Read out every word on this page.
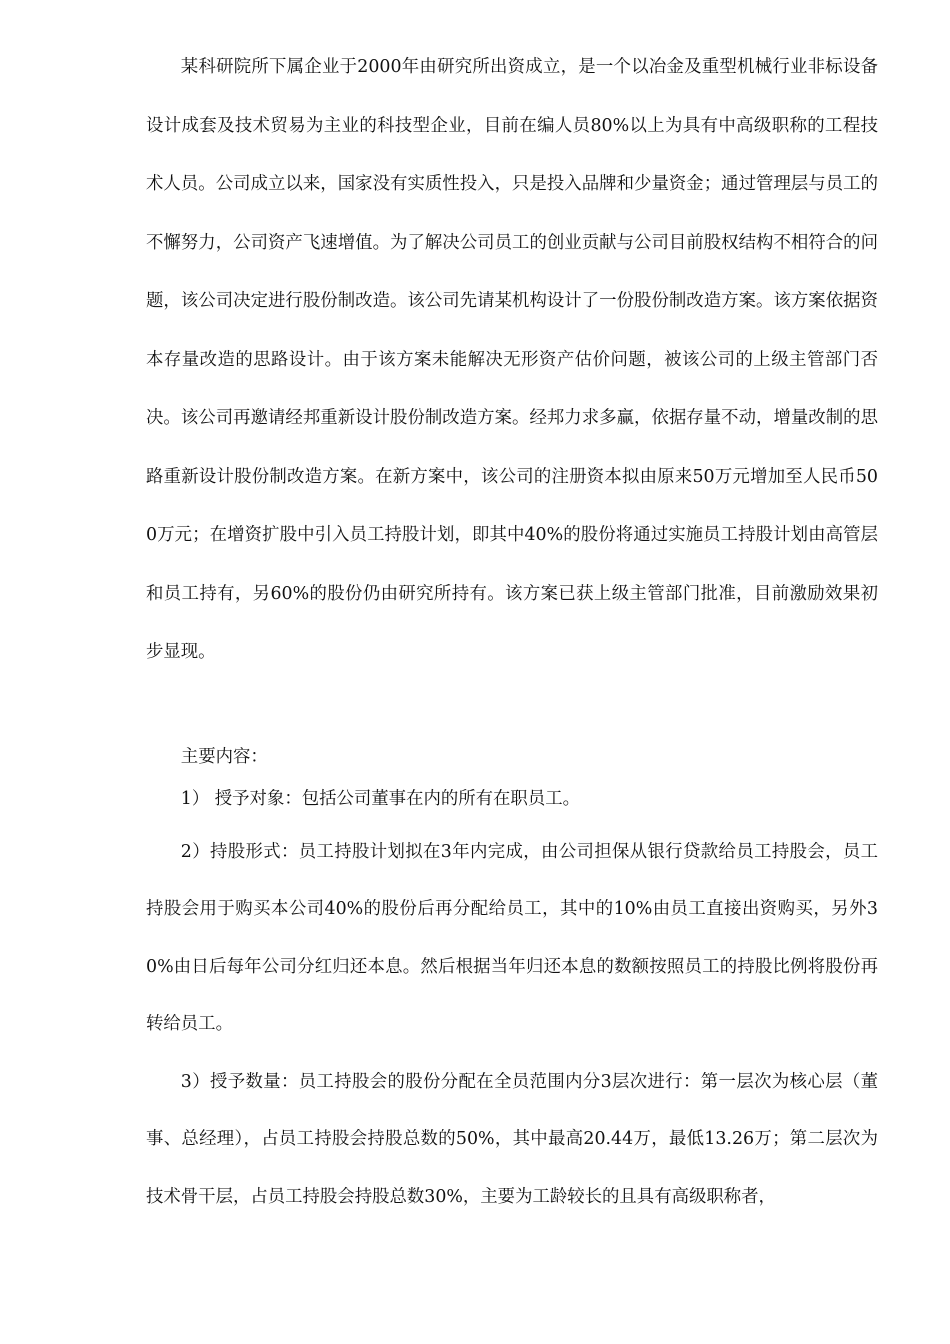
某科研院所下属企业于2000年由研究所出资成立，是一个以冶金及重型机械行业非标设备设计成套及技术贸易为主业的科技型企业，目前在编人员80%以上为具有中高级职称的工程技术人员。公司成立以来，国家没有实质性投入，只是投入品牌和少量资金；通过管理层与员工的不懈努力，公司资产飞速增值。为了解决公司员工的创业贡献与公司目前股权结构不相符合的问题，该公司决定进行股份制改造。该公司先请某机构设计了一份股份制改造方案。该方案依据资本存量改造的思路设计。由于该方案未能解决无形资产估价问题，被该公司的上级主管部门否决。该公司再邀请经邦重新设计股份制改造方案。经邦力求多赢，依据存量不动，增量改制的思路重新设计股份制改造方案。在新方案中，该公司的注册资本拟由原来50万元增加至人民币500万元；在增资扩股中引入员工持股计划，即其中40%的股份将通过实施员工持股计划由高管层和员工持有，另60%的股份仍由研究所持有。该方案已获上级主管部门批准，目前激励效果初步显现。

主要内容：

1） 授予对象：包括公司董事在内的所有在职员工。

2）持股形式：员工持股计划拟在3年内完成，由公司担保从银行贷款给员工持股会，员工持股会用于购买本公司40%的股份后再分配给员工，其中的10%由员工直接出资购买，另外30%由日后每年公司分红归还本息。然后根据当年归还本息的数额按照员工的持股比例将股份再转给员工。

3）授予数量：员工持股会的股份分配在全员范围内分3层次进行：第一层次为核心层（董事、总经理），占员工持股会持股总数的50%，其中最高20.44万，最低13.26万；第二层次为技术骨干层，占员工持股会持股总数30%，主要为工龄较长的且具有高级职称者，
